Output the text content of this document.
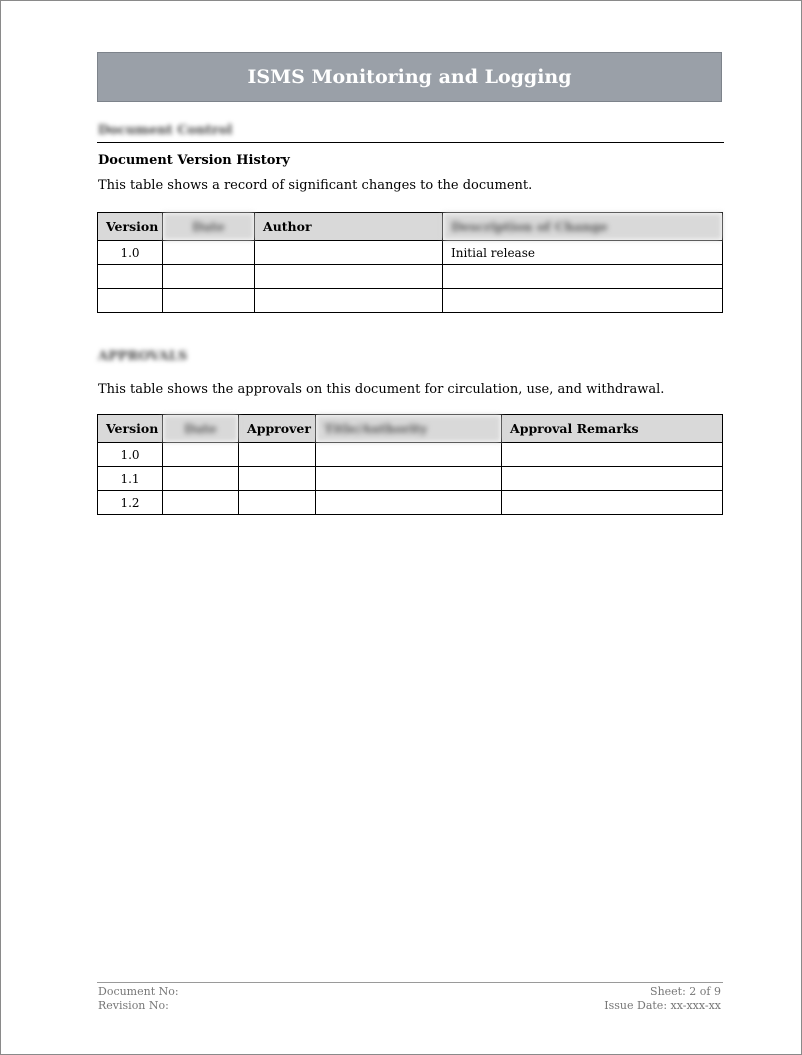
ISMS Monitoring and Logging
Document Control
Document Version History
This table shows a record of significant changes to the document.
Version	Date	Author	Description of Change
1.0			Initial release

APPROVALS
This table shows the approvals on this document for circulation, use, and withdrawal.
Version	Date	Approver	Title/Authority	Approval Remarks
1.0				
1.1				
1.2				
Document No:
Revision No:
Sheet: 2 of 9
Issue Date: xx-xxx-xx
